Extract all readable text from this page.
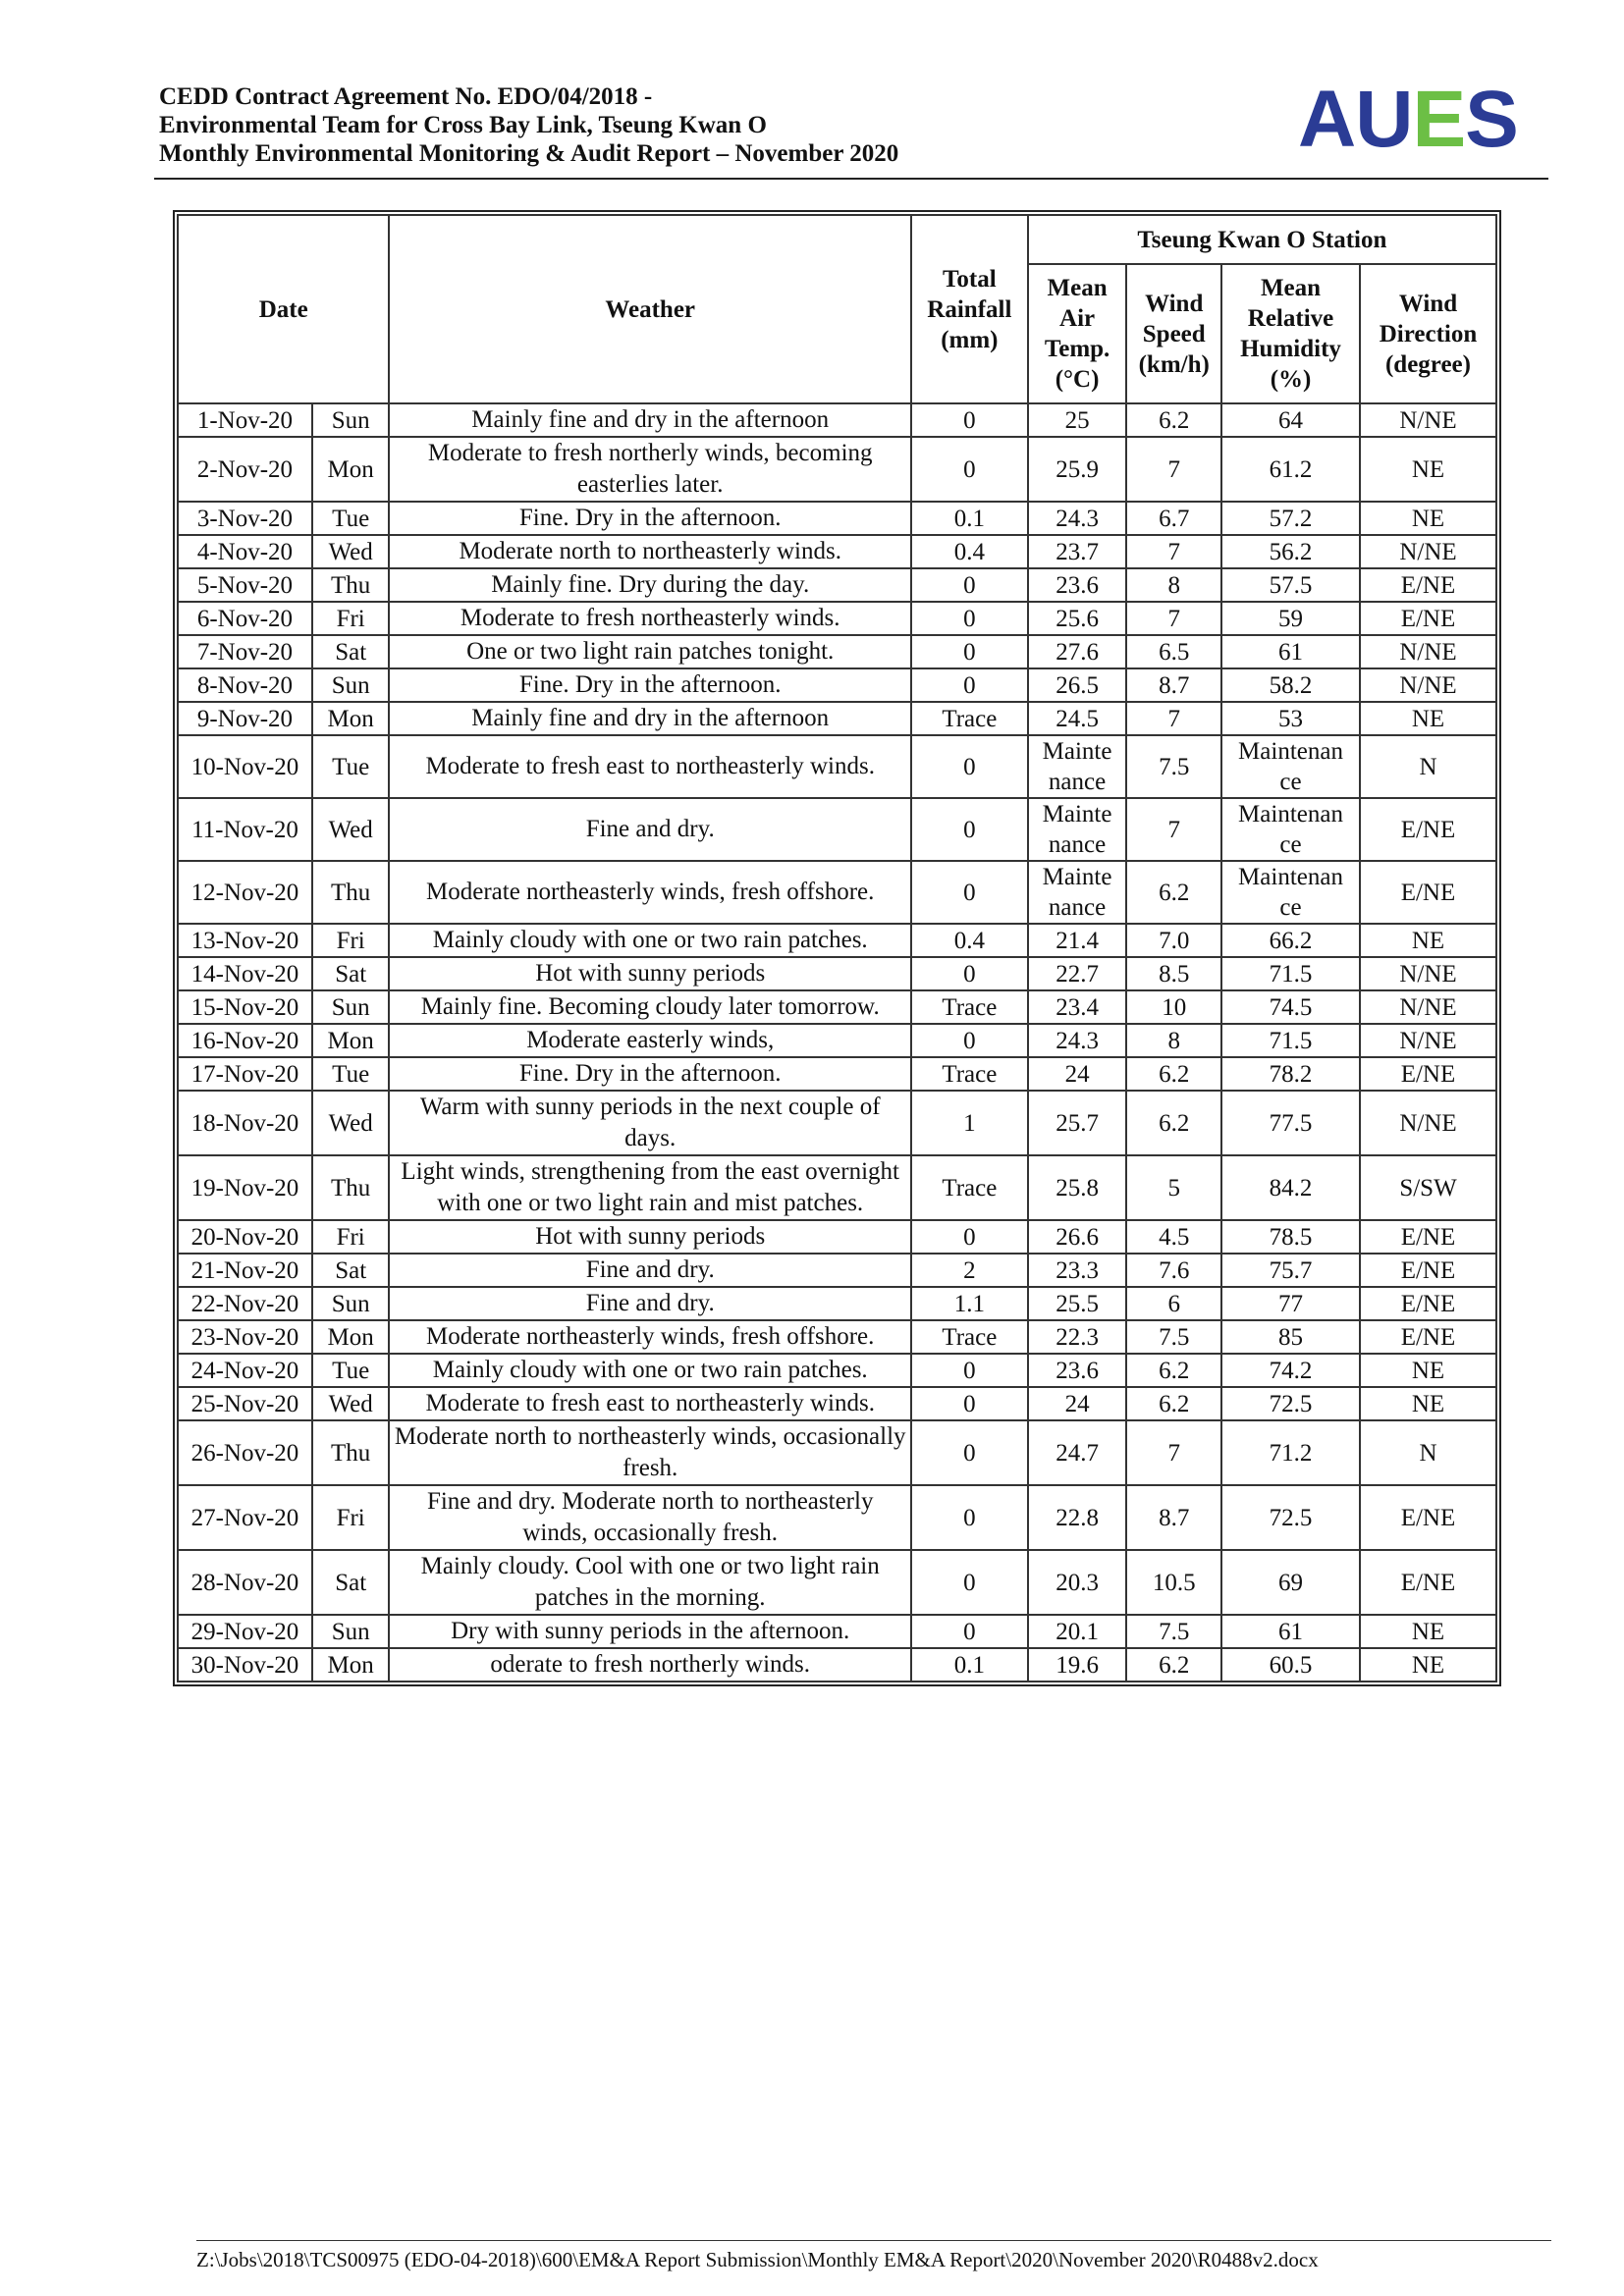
CEDD Contract Agreement No. EDO/04/2018 -
Environmental Team for Cross Bay Link, Tseung Kwan O
Monthly Environmental Monitoring & Audit Report – November 2020	AUES
Date		Weather	Total Rainfall (mm)	Tseung Kwan O Station			
				Mean Air Temp. (°C)	Wind Speed (km/h)	Mean Relative Humidity (%)	Wind Direction (degree)
1-Nov-20	Sun	Mainly fine and dry in the afternoon	0	25	6.2	64	N/NE
2-Nov-20	Mon	Moderate to fresh northerly winds, becoming easterlies later.	0	25.9	7	61.2	NE
3-Nov-20	Tue	Fine. Dry in the afternoon.	0.1	24.3	6.7	57.2	NE
4-Nov-20	Wed	Moderate north to northeasterly winds.	0.4	23.7	7	56.2	N/NE
5-Nov-20	Thu	Mainly fine. Dry during the day.	0	23.6	8	57.5	E/NE
6-Nov-20	Fri	Moderate to fresh northeasterly winds.	0	25.6	7	59	E/NE
7-Nov-20	Sat	One or two light rain patches tonight.	0	27.6	6.5	61	N/NE
8-Nov-20	Sun	Fine. Dry in the afternoon.	0	26.5	8.7	58.2	N/NE
9-Nov-20	Mon	Mainly fine and dry in the afternoon	Trace	24.5	7	53	NE
10-Nov-20	Tue	Moderate to fresh east to northeasterly winds.	0	Mainte nance	7.5	Maintenan ce	N
11-Nov-20	Wed	Fine and dry.	0	Mainte nance	7	Maintenan ce	E/NE
12-Nov-20	Thu	Moderate northeasterly winds, fresh offshore.	0	Mainte nance	6.2	Maintenan ce	E/NE
13-Nov-20	Fri	Mainly cloudy with one or two rain patches.	0.4	21.4	7.0	66.2	NE
14-Nov-20	Sat	Hot with sunny periods	0	22.7	8.5	71.5	N/NE
15-Nov-20	Sun	Mainly fine. Becoming cloudy later tomorrow.	Trace	23.4	10	74.5	N/NE
16-Nov-20	Mon	Moderate easterly winds,	0	24.3	8	71.5	N/NE
17-Nov-20	Tue	Fine. Dry in the afternoon.	Trace	24	6.2	78.2	E/NE
18-Nov-20	Wed	Warm with sunny periods in the next couple of days.	1	25.7	6.2	77.5	N/NE
19-Nov-20	Thu	Light winds, strengthening from the east overnight with one or two light rain and mist patches.	Trace	25.8	5	84.2	S/SW
20-Nov-20	Fri	Hot with sunny periods	0	26.6	4.5	78.5	E/NE
21-Nov-20	Sat	Fine and dry.	2	23.3	7.6	75.7	E/NE
22-Nov-20	Sun	Fine and dry.	1.1	25.5	6	77	E/NE
23-Nov-20	Mon	Moderate northeasterly winds, fresh offshore.	Trace	22.3	7.5	85	E/NE
24-Nov-20	Tue	Mainly cloudy with one or two rain patches.	0	23.6	6.2	74.2	NE
25-Nov-20	Wed	Moderate to fresh east to northeasterly winds.	0	24	6.2	72.5	NE
26-Nov-20	Thu	Moderate north to northeasterly winds, occasionally fresh.	0	24.7	7	71.2	N
27-Nov-20	Fri	Fine and dry. Moderate north to northeasterly winds, occasionally fresh.	0	22.8	8.7	72.5	E/NE
28-Nov-20	Sat	Mainly cloudy. Cool with one or two light rain patches in the morning.	0	20.3	10.5	69	E/NE
29-Nov-20	Sun	Dry with sunny periods in the afternoon.	0	20.1	7.5	61	NE
30-Nov-20	Mon	oderate to fresh northerly winds.	0.1	19.6	6.2	60.5	NE
Z:\Jobs\2018\TCS00975 (EDO-04-2018)\600\EM&A Report Submission\Monthly EM&A Report\2020\November 2020\R0488v2.docx
